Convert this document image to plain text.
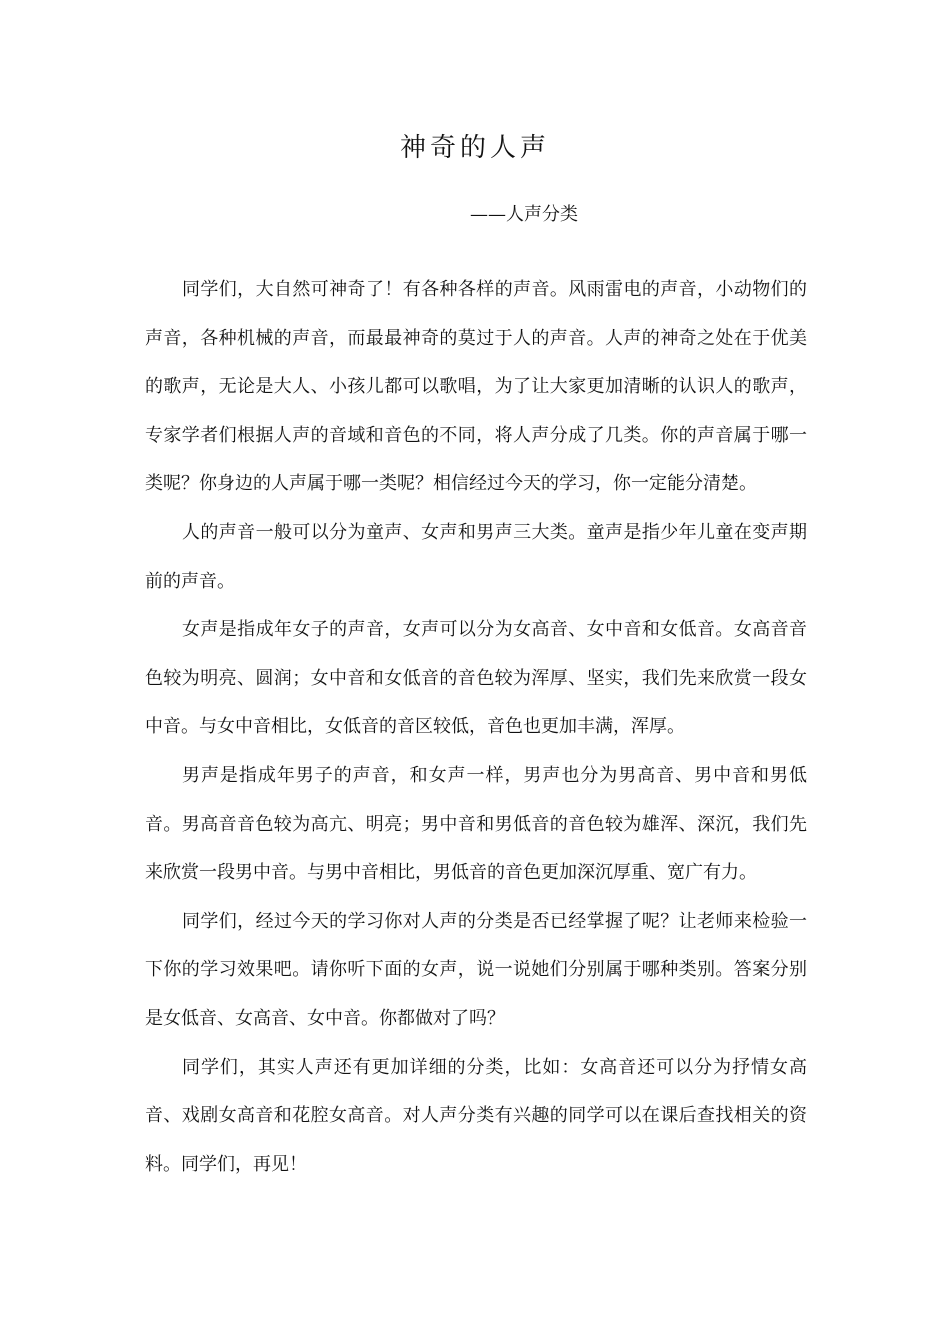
神奇的人声
——人声分类

同学们，大自然可神奇了！有各种各样的声音。风雨雷电的声音，小动物们的声音，各种机械的声音，而最最神奇的莫过于人的声音。人声的神奇之处在于优美的歌声，无论是大人、小孩儿都可以歌唱，为了让大家更加清晰的认识人的歌声，专家学者们根据人声的音域和音色的不同，将人声分成了几类。你的声音属于哪一类呢？你身边的人声属于哪一类呢？相信经过今天的学习，你一定能分清楚。

人的声音一般可以分为童声、女声和男声三大类。童声是指少年儿童在变声期前的声音。

女声是指成年女子的声音，女声可以分为女高音、女中音和女低音。女高音音色较为明亮、圆润；女中音和女低音的音色较为浑厚、坚实，我们先来欣赏一段女中音。与女中音相比，女低音的音区较低，音色也更加丰满，浑厚。

男声是指成年男子的声音，和女声一样，男声也分为男高音、男中音和男低音。男高音音色较为高亢、明亮；男中音和男低音的音色较为雄浑、深沉，我们先来欣赏一段男中音。与男中音相比，男低音的音色更加深沉厚重、宽广有力。

同学们，经过今天的学习你对人声的分类是否已经掌握了呢？让老师来检验一下你的学习效果吧。请你听下面的女声，说一说她们分别属于哪种类别。答案分别是女低音、女高音、女中音。你都做对了吗？

同学们，其实人声还有更加详细的分类，比如：女高音还可以分为抒情女高音、戏剧女高音和花腔女高音。对人声分类有兴趣的同学可以在课后查找相关的资料。同学们，再见！
